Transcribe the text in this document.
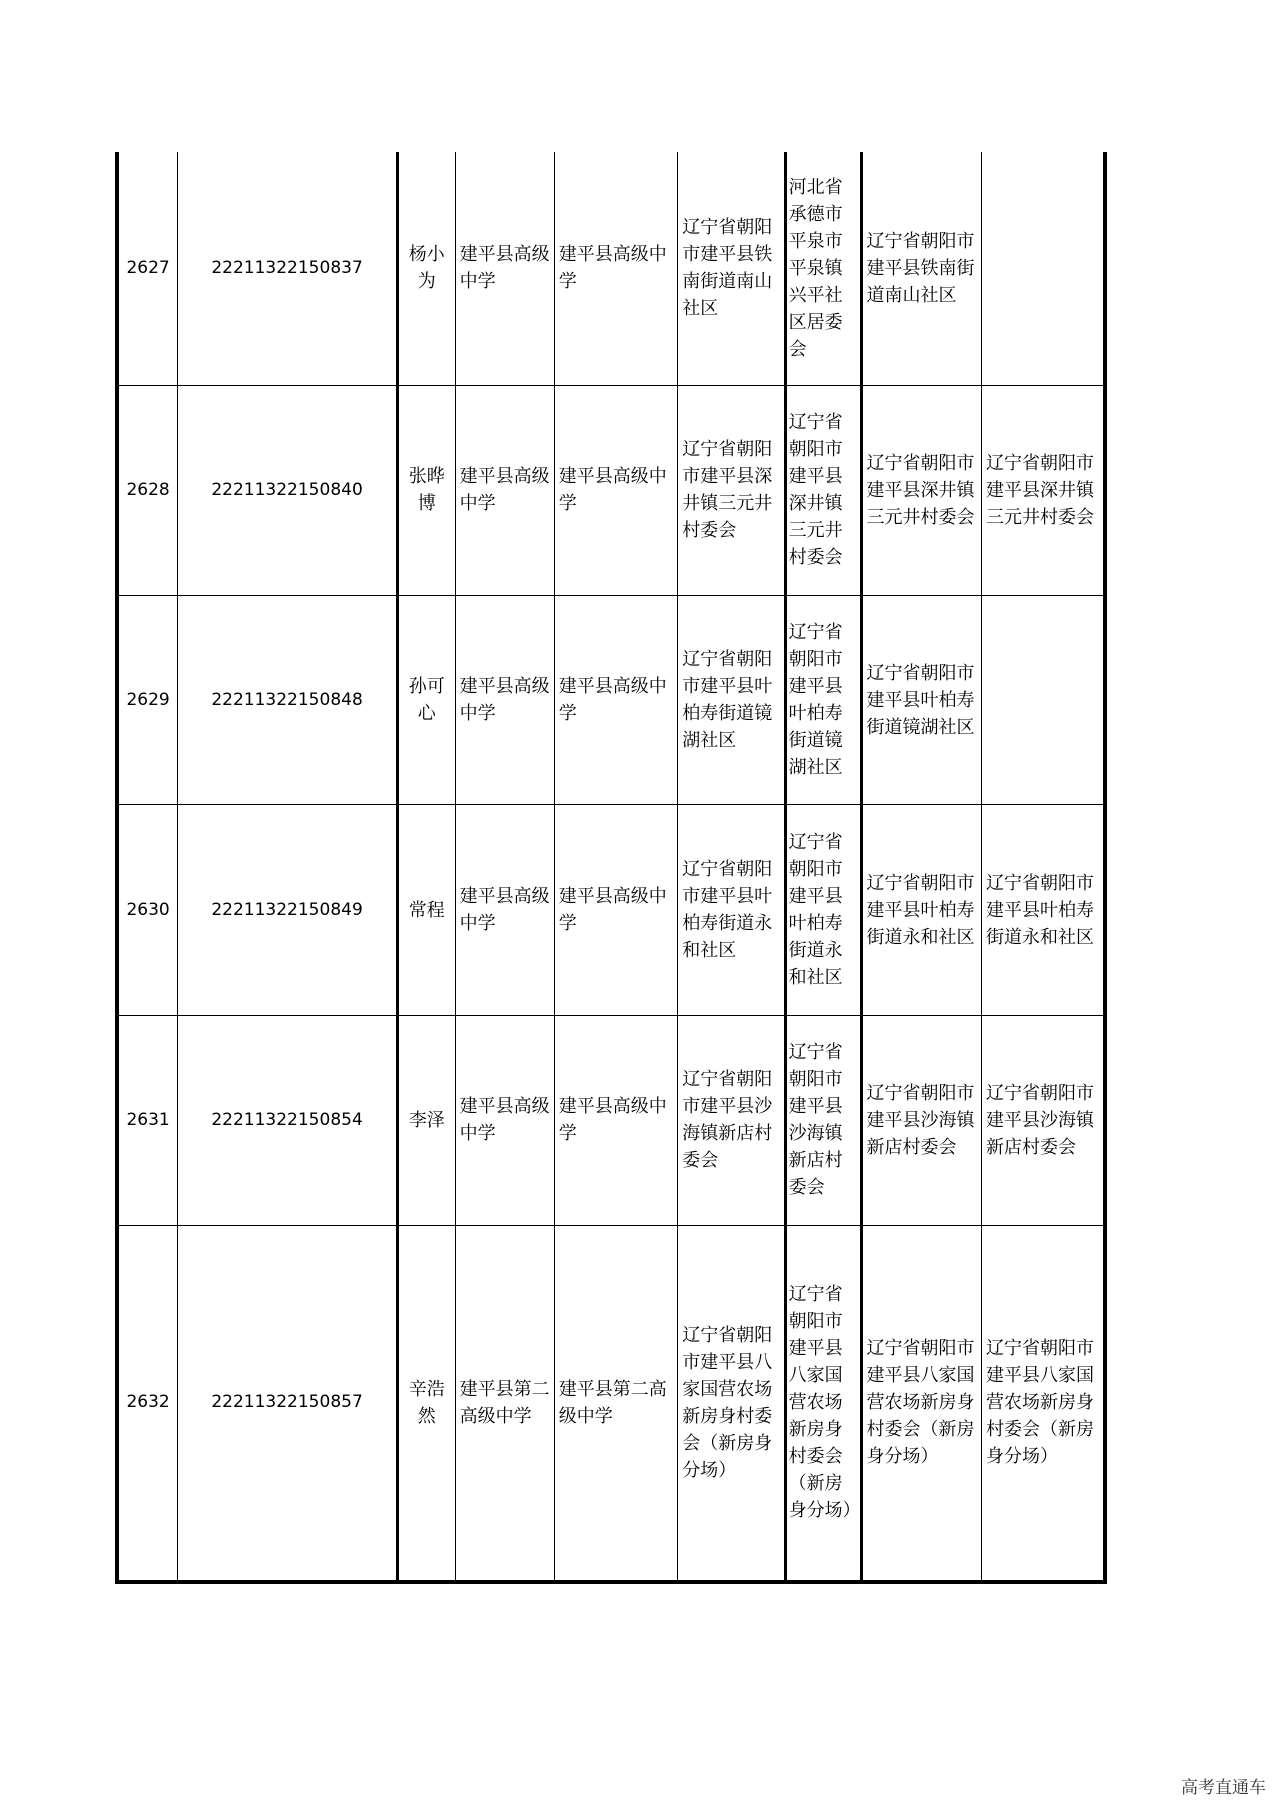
2627	22211322150837	杨小为	建平县高级中学	建平县高级中学	辽宁省朝阳市建平县铁南街道南山社区	河北省承德市平泉市平泉镇兴平社区居委会	辽宁省朝阳市建平县铁南街道南山社区	
2628	22211322150840	张晔博	建平县高级中学	建平县高级中学	辽宁省朝阳市建平县深井镇三元井村委会	辽宁省朝阳市建平县深井镇三元井村委会	辽宁省朝阳市建平县深井镇三元井村委会	辽宁省朝阳市建平县深井镇三元井村委会
2629	22211322150848	孙可心	建平县高级中学	建平县高级中学	辽宁省朝阳市建平县叶柏寿街道镜湖社区	辽宁省朝阳市建平县叶柏寿街道镜湖社区	辽宁省朝阳市建平县叶柏寿街道镜湖社区	
2630	22211322150849	常程	建平县高级中学	建平县高级中学	辽宁省朝阳市建平县叶柏寿街道永和社区	辽宁省朝阳市建平县叶柏寿街道永和社区	辽宁省朝阳市建平县叶柏寿街道永和社区	辽宁省朝阳市建平县叶柏寿街道永和社区
2631	22211322150854	李泽	建平县高级中学	建平县高级中学	辽宁省朝阳市建平县沙海镇新店村委会	辽宁省朝阳市建平县沙海镇新店村委会	辽宁省朝阳市建平县沙海镇新店村委会	辽宁省朝阳市建平县沙海镇新店村委会
2632	22211322150857	辛浩然	建平县第二高级中学	建平县第二高级中学	辽宁省朝阳市建平县八家国营农场新房身村委会（新房身分场）	辽宁省朝阳市建平县八家国营农场新房身村委会（新房身分场）	辽宁省朝阳市建平县八家国营农场新房身村委会（新房身分场）	辽宁省朝阳市建平县八家国营农场新房身村委会（新房身分场）
高考直通车
